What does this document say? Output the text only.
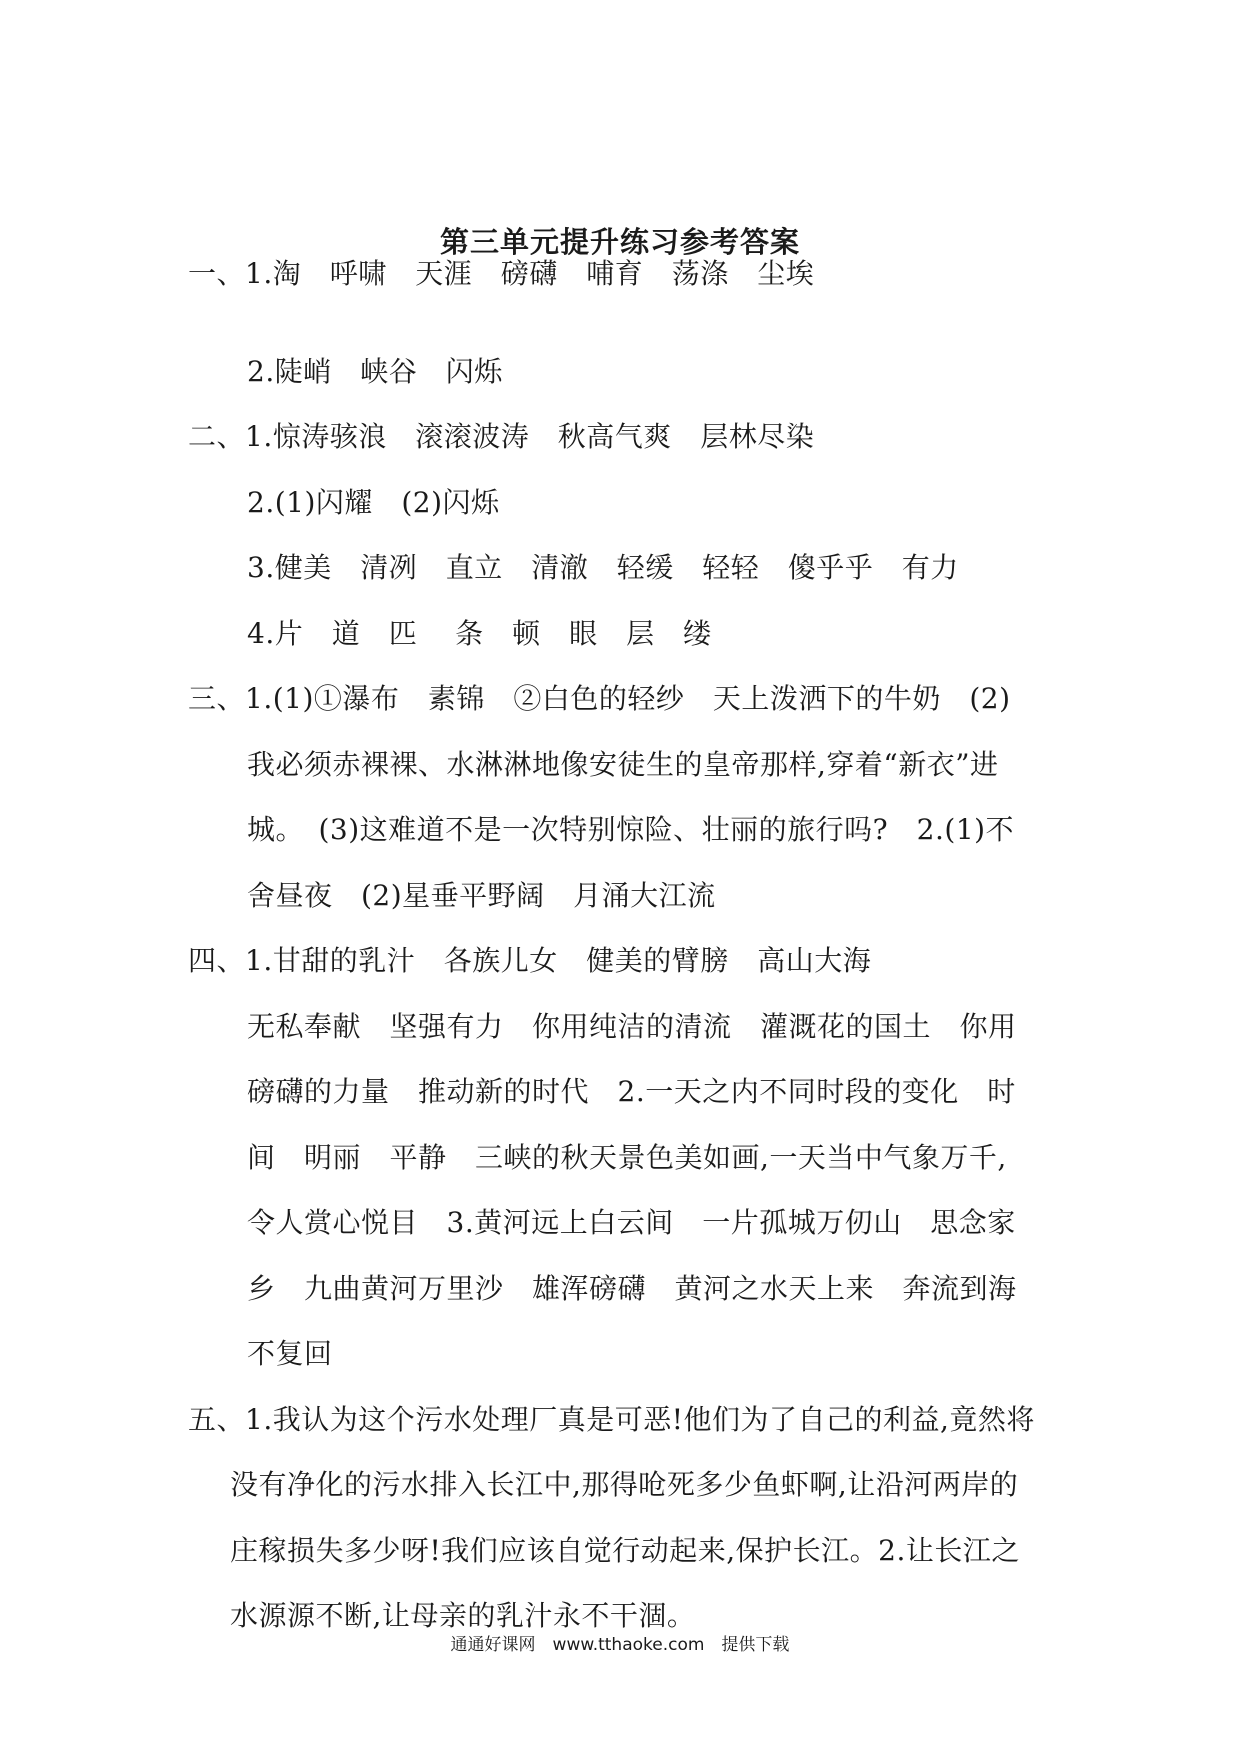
第三单元提升练习参考答案
一、1.淘　呼啸　天涯　磅礴　哺育　荡涤　尘埃
2.陡峭　峡谷　闪烁
二、1.惊涛骇浪　滚滚波涛　秋高气爽　层林尽染
2.(1)闪耀　(2)闪烁
3.健美　清冽　直立　清澈　轻缓　轻轻　傻乎乎　有力
4.片　道　匹　 条　顿　眼　层　缕
三、1.(1)①瀑布　素锦　②白色的轻纱　天上泼洒下的牛奶　(2)
我必须赤裸裸、水淋淋地像安徒生的皇帝那样,穿着“新衣”进
城。　(3)这难道不是一次特别惊险、壮丽的旅行吗?　2.(1)不
舍昼夜　(2)星垂平野阔　月涌大江流
四、1.甘甜的乳汁　各族儿女　健美的臂膀　高山大海
无私奉献　坚强有力　你用纯洁的清流　灌溉花的国土　你用
磅礴的力量　推动新的时代　2.一天之内不同时段的变化　时
间　明丽　平静　三峡的秋天景色美如画,一天当中气象万千,
令人赏心悦目　3.黄河远上白云间　一片孤城万仞山　思念家
乡　九曲黄河万里沙　雄浑磅礴　黄河之水天上来　奔流到海
不复回
五、1.我认为这个污水处理厂真是可恶!他们为了自己的利益,竟然将
没有净化的污水排入长江中,那得呛死多少鱼虾啊,让沿河两岸的
庄稼损失多少呀!我们应该自觉行动起来,保护长江。2.让长江之
水源源不断,让母亲的乳汁永不干涸。
通通好课网　www.tthaoke.com　提供下载
